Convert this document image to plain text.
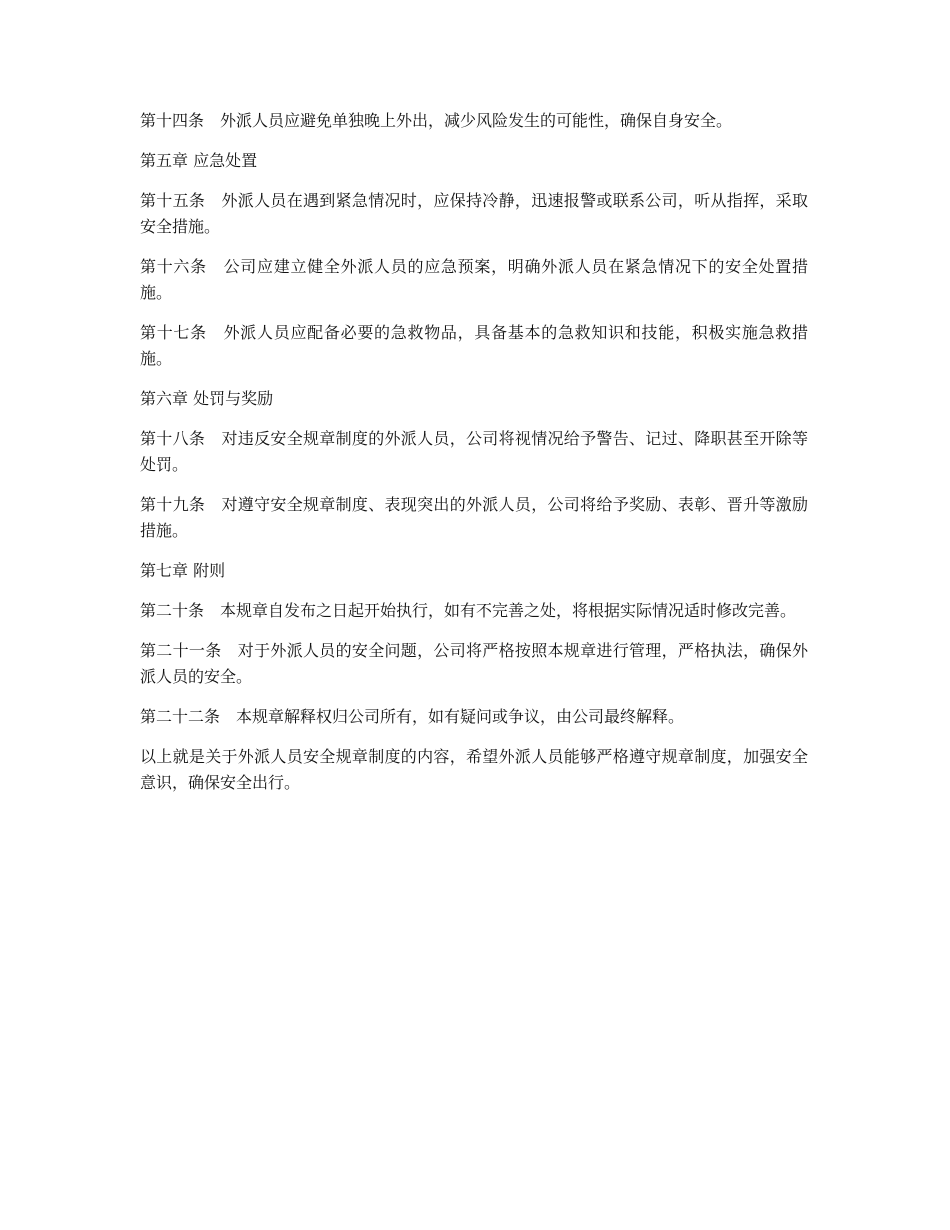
第十四条　外派人员应避免单独晚上外出，减少风险发生的可能性，确保自身安全。

第五章 应急处置

第十五条　外派人员在遇到紧急情况时，应保持冷静，迅速报警或联系公司，听从指挥，采取安全措施。

第十六条　公司应建立健全外派人员的应急预案，明确外派人员在紧急情况下的安全处置措施。

第十七条　外派人员应配备必要的急救物品，具备基本的急救知识和技能，积极实施急救措施。

第六章 处罚与奖励

第十八条　对违反安全规章制度的外派人员，公司将视情况给予警告、记过、降职甚至开除等处罚。

第十九条　对遵守安全规章制度、表现突出的外派人员，公司将给予奖励、表彰、晋升等激励措施。

第七章 附则

第二十条　本规章自发布之日起开始执行，如有不完善之处，将根据实际情况适时修改完善。

第二十一条　对于外派人员的安全问题，公司将严格按照本规章进行管理，严格执法，确保外派人员的安全。

第二十二条　本规章解释权归公司所有，如有疑问或争议，由公司最终解释。

以上就是关于外派人员安全规章制度的内容，希望外派人员能够严格遵守规章制度，加强安全意识，确保安全出行。
